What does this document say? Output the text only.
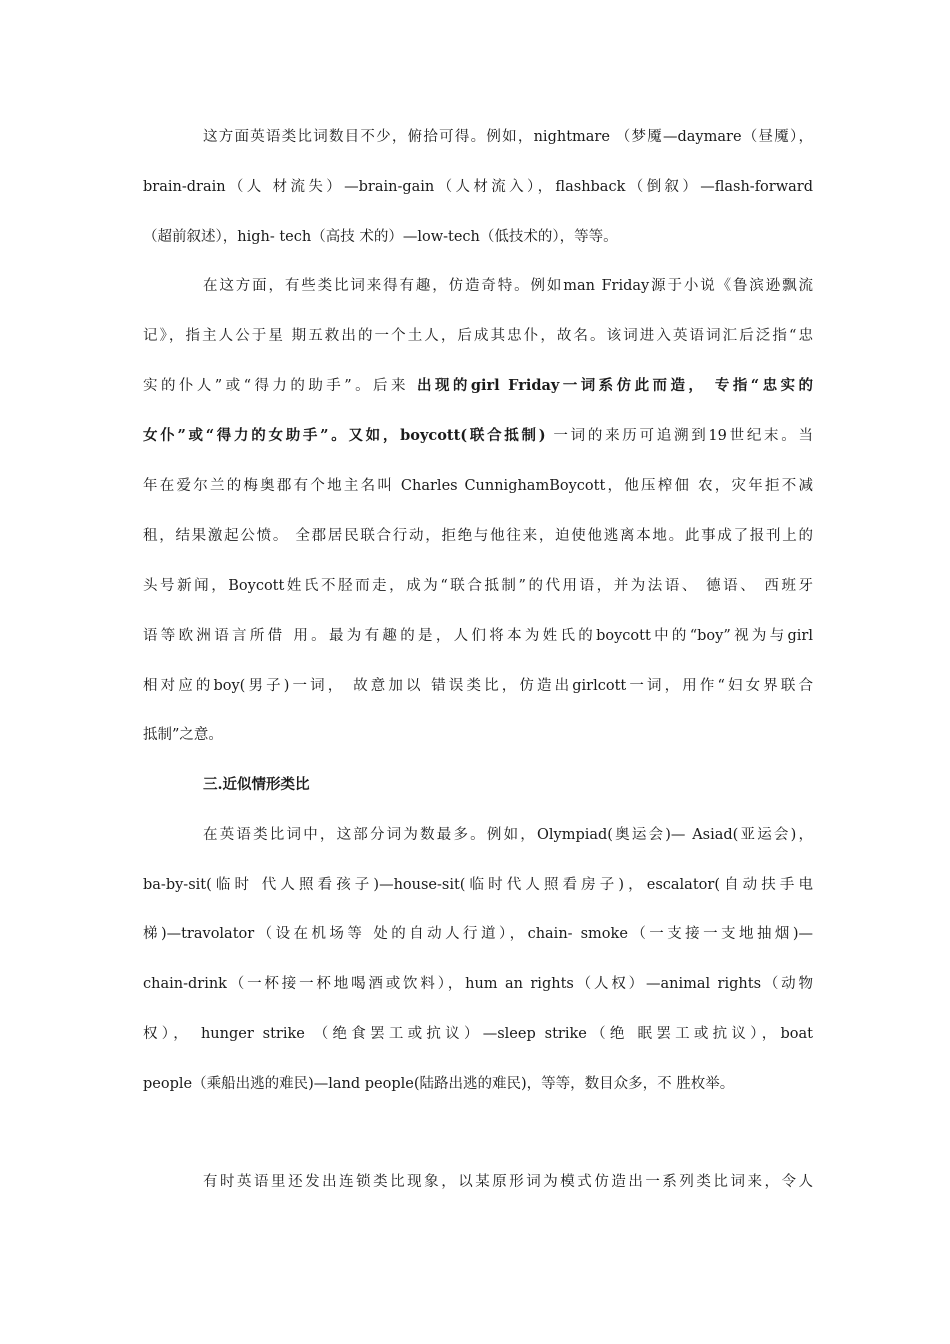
这方面英语类比词数目不少，俯拾可得。例如，nightmare （梦魇—daymare（昼魇），
brain-drain（人 材流失）—brain-gain（人材流入），flashback（倒叙）—flash-forward
（超前叙述），high- tech（高技 术的）—low-tech（低技术的），等等。
在这方面，有些类比词来得有趣，仿造奇特。例如man Friday源于小说《鲁滨逊飘流
记》，指主人公于星 期五救出的一个土人，后成其忠仆，故名。该词进入英语词汇后泛指“忠
实的仆人”或“得力的助手”。后来 出现的girl Friday一词系仿此而造， 专指“忠实的
女仆”或“得力的女助手”。又如，boycott(联合抵制) 一词的来历可追溯到19世纪末。当
年在爱尔兰的梅奥郡有个地主名叫 Charles CunnighamBoycott，他压榨佃 农，灾年拒不减
租，结果激起公愤。 全郡居民联合行动，拒绝与他往来，迫使他逃离本地。此事成了报刊上的
头号新闻，Boycott姓氏不胫而走，成为“联合抵制”的代用语，并为法语、 德语、 西班牙
语等欧洲语言所借 用。最为有趣的是，人们将本为姓氏的boycott中的“boy”视为与girl
相对应的boy(男子)一词， 故意加以 错误类比，仿造出girlcott一词，用作“妇女界联合
抵制”之意。
三.近似情形类比
在英语类比词中，这部分词为数最多。例如，Olympiad(奥运会)— Asiad(亚运会)，
ba-by-sit(临时 代人照看孩子)—house-sit(临时代人照看房子)，escalator(自动扶手电
梯)—travolator（设在机场等 处的自动人行道），chain- smoke（一支接一支地抽烟)—
chain-drink（一杯接一杯地喝酒或饮料），hum an rights（人权）—animal rights（动物
权）， hunger strike （绝食罢工或抗议）—sleep strike（绝 眠罢工或抗议），boat
people（乘船出逃的难民)—land people(陆路出逃的难民)，等等，数目众多，不 胜枚举。
有时英语里还发出连锁类比现象，以某原形词为模式仿造出一系列类比词来，令人
